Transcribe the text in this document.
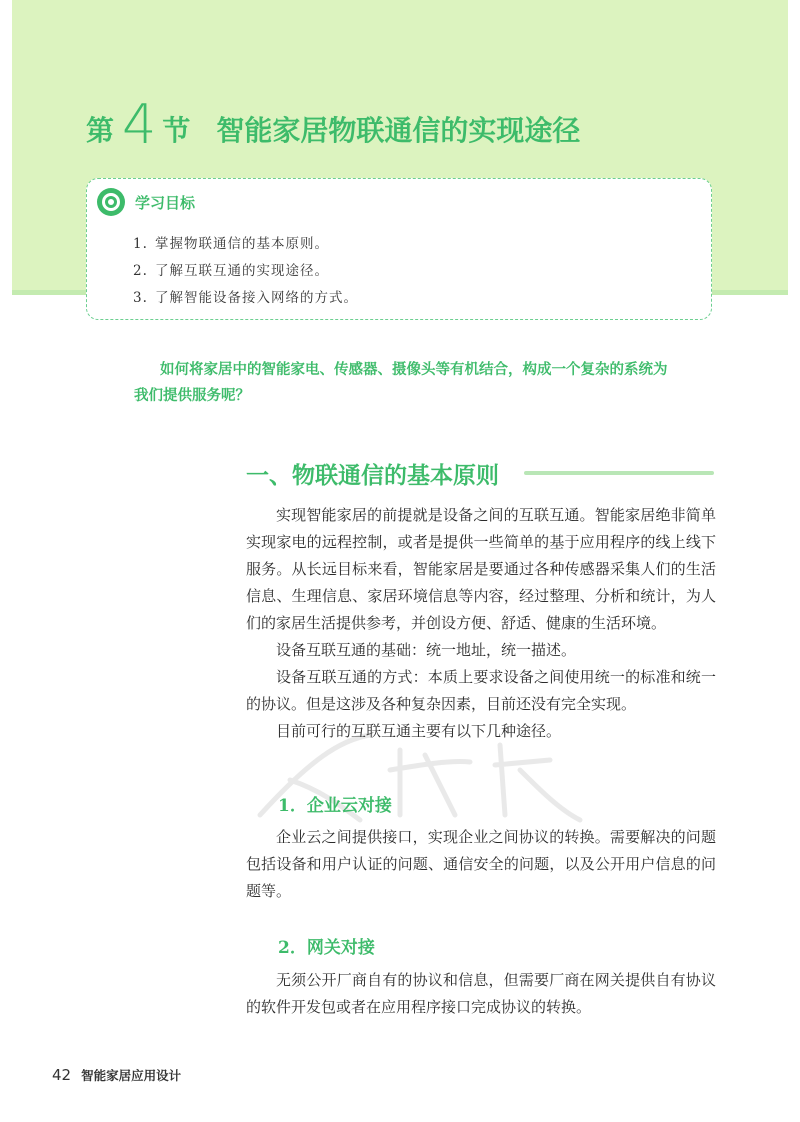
第 4 节 智能家居物联通信的实现途径
学习目标
1. 掌握物联通信的基本原则。
2. 了解互联互通的实现途径。
3. 了解智能设备接入网络的方式。
如何将家居中的智能家电、传感器、摄像头等有机结合，构成一个复杂的系统为
我们提供服务呢？
一、物联通信的基本原则

实现智能家居的前提就是设备之间的互联互通。智能家居绝非简单实现家电的远程控制，或者是提供一些简单的基于应用程序的线上线下服务。从长远目标来看，智能家居是要通过各种传感器采集人们的生活信息、生理信息、家居环境信息等内容，经过整理、分析和统计，为人们的家居生活提供参考，并创设方便、舒适、健康的生活环境。

设备互联互通的基础：统一地址，统一描述。

设备互联互通的方式：本质上要求设备之间使用统一的标准和统一的协议。但是这涉及各种复杂因素，目前还没有完全实现。

目前可行的互联互通主要有以下几种途径。

1．企业云对接

企业云之间提供接口，实现企业之间协议的转换。需要解决的问题包括设备和用户认证的问题、通信安全的问题，以及公开用户信息的问题等。

2．网关对接

无须公开厂商自有的协议和信息，但需要厂商在网关提供自有协议的软件开发包或者在应用程序接口完成协议的转换。

42 智能家居应用设计
